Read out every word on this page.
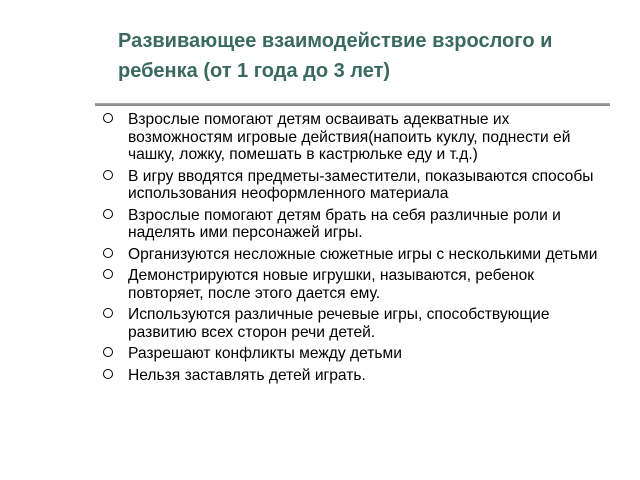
Развивающее взаимодействие взрослого и
ребенка (от 1 года до 3 лет)
Взрослые помогают детям осваивать адекватные их возможностям игровые действия(напоить куклу, поднести ей чашку, ложку, помешать в кастрюльке еду и т.д.)
В игру вводятся предметы-заместители, показываются способы использования неоформленного материала
Взрослые помогают детям брать на себя различные роли и наделять ими персонажей игры.
Организуются несложные сюжетные игры с несколькими детьми
Демонстрируются новые игрушки, называются, ребенок повторяет, после этого дается ему.
Используются различные речевые игры, способствующие развитию всех сторон речи детей.
Разрешают конфликты между детьми
Нельзя заставлять детей играть.
